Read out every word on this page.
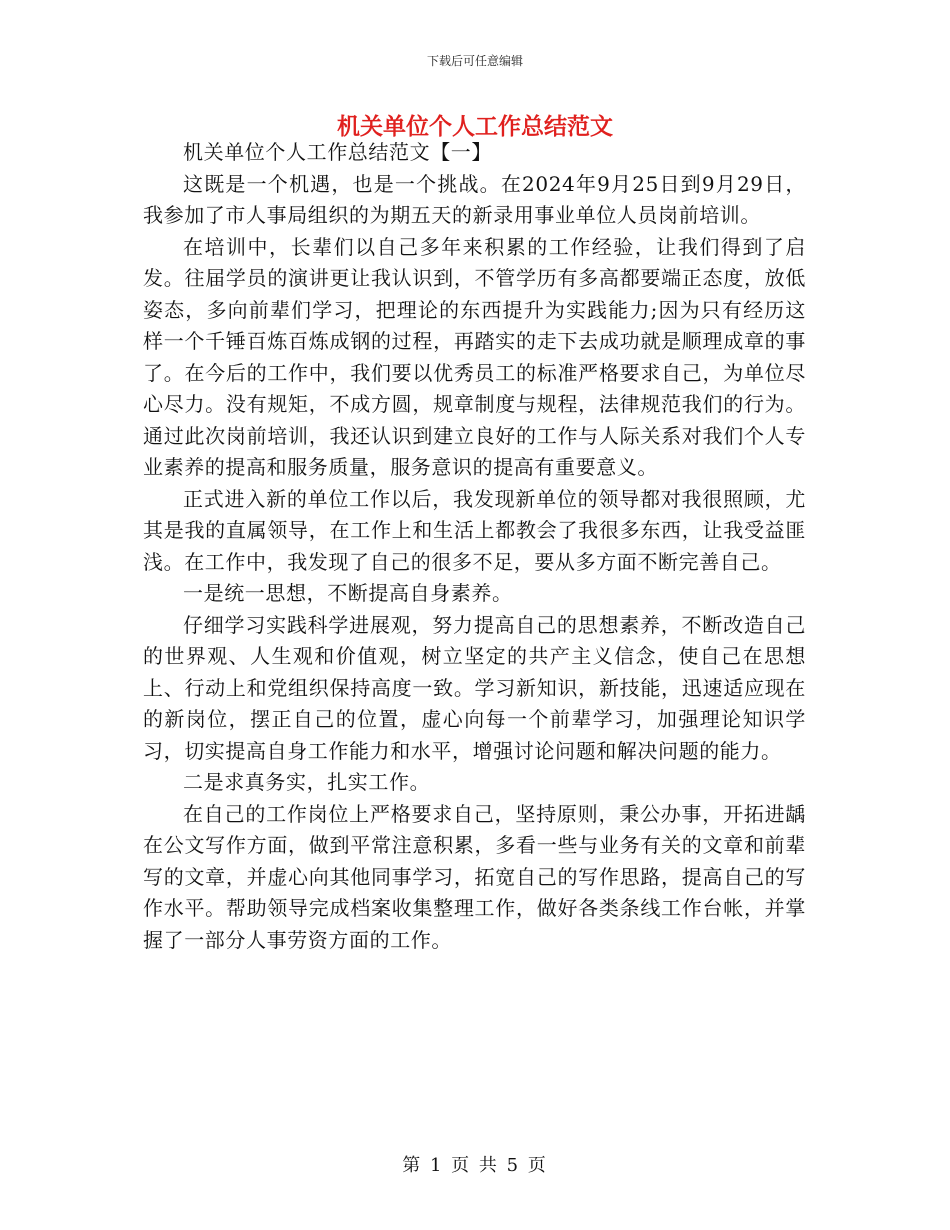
下载后可任意编辑
机关单位个人工作总结范文

机关单位个人工作总结范文【一】

这既是一个机遇，也是一个挑战。在2024年9月25日到9月29日，我参加了市人事局组织的为期五天的新录用事业单位人员岗前培训。

在培训中，长辈们以自己多年来积累的工作经验，让我们得到了启发。往届学员的演讲更让我认识到，不管学历有多高都要端正态度，放低姿态，多向前辈们学习，把理论的东西提升为实践能力;因为只有经历这样一个千锤百炼百炼成钢的过程，再踏实的走下去成功就是顺理成章的事了。在今后的工作中，我们要以优秀员工的标准严格要求自己，为单位尽心尽力。没有规矩，不成方圆，规章制度与规程，法律规范我们的行为。通过此次岗前培训，我还认识到建立良好的工作与人际关系对我们个人专业素养的提高和服务质量，服务意识的提高有重要意义。

正式进入新的单位工作以后，我发现新单位的领导都对我很照顾，尤其是我的直属领导，在工作上和生活上都教会了我很多东西，让我受益匪浅。在工作中，我发现了自己的很多不足，要从多方面不断完善自己。

一是统一思想，不断提高自身素养。

仔细学习实践科学进展观，努力提高自己的思想素养，不断改造自己的世界观、人生观和价值观，树立坚定的共产主义信念，使自己在思想上、行动上和党组织保持高度一致。学习新知识，新技能，迅速适应现在的新岗位，摆正自己的位置，虚心向每一个前辈学习，加强理论知识学习，切实提高自身工作能力和水平，增强讨论问题和解决问题的能力。

二是求真务实，扎实工作。

在自己的工作岗位上严格要求自己，坚持原则，秉公办事，开拓进龋在公文写作方面，做到平常注意积累，多看一些与业务有关的文章和前辈写的文章，并虚心向其他同事学习，拓宽自己的写作思路，提高自己的写作水平。帮助领导完成档案收集整理工作，做好各类条线工作台帐，并掌握了一部分人事劳资方面的工作。

第 1 页 共 5 页
